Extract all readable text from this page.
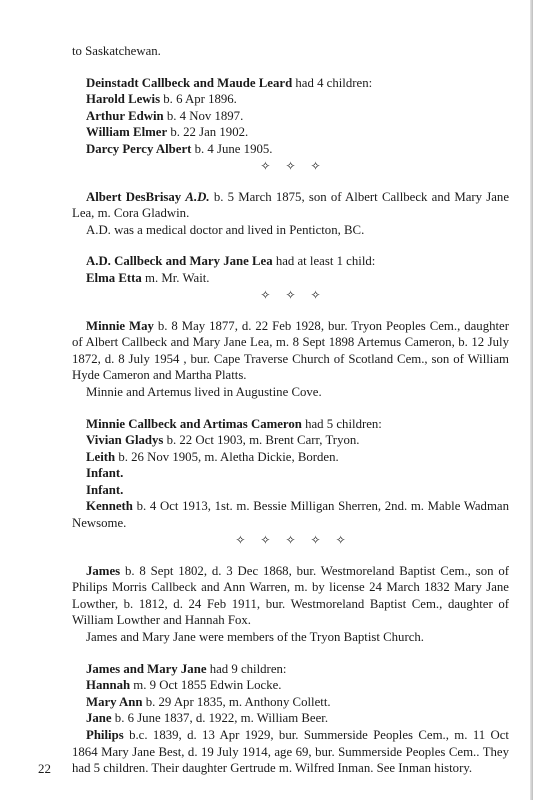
to Saskatchewan.

Deinstadt Callbeck and Maude Leard had 4 children:

Harold Lewis b. 6 Apr 1896.

Arthur Edwin b. 4 Nov 1897.

William Elmer b. 22 Jan 1902.

Darcy Percy Albert b. 4 June 1905.

✧ ✧ ✧

Albert DesBrisay A.D. b. 5 March 1875, son of Albert Callbeck and Mary Jane Lea, m. Cora Gladwin.

A.D. was a medical doctor and lived in Penticton, BC.

A.D. Callbeck and Mary Jane Lea had at least 1 child:

Elma Etta m. Mr. Wait.

✧ ✧ ✧

Minnie May b. 8 May 1877, d. 22 Feb 1928, bur. Tryon Peoples Cem., daughter of Albert Callbeck and Mary Jane Lea, m. 8 Sept 1898 Artemus Cameron, b. 12 July 1872, d. 8 July 1954 , bur. Cape Traverse Church of Scotland Cem., son of William Hyde Cameron and Martha Platts.

Minnie and Artemus lived in Augustine Cove.

Minnie Callbeck and Artimas Cameron had 5 children:

Vivian Gladys b. 22 Oct 1903, m. Brent Carr, Tryon.

Leith b. 26 Nov 1905, m. Aletha Dickie, Borden.

Infant.

Infant.

Kenneth b. 4 Oct 1913, 1st. m. Bessie Milligan Sherren, 2nd. m. Mable Wadman Newsome.

✧ ✧ ✧ ✧ ✧

James b. 8 Sept 1802, d. 3 Dec 1868, bur. Westmoreland Baptist Cem., son of Philips Morris Callbeck and Ann Warren, m. by license 24 March 1832 Mary Jane Lowther, b. 1812, d. 24 Feb 1911, bur. Westmoreland Baptist Cem., daughter of William Lowther and Hannah Fox.

James and Mary Jane were members of the Tryon Baptist Church.

James and Mary Jane had 9 children:

Hannah m. 9 Oct 1855 Edwin Locke.

Mary Ann b. 29 Apr 1835, m. Anthony Collett.

Jane b. 6 June 1837, d. 1922, m. William Beer.

Philips b.c. 1839, d. 13 Apr 1929, bur. Summerside Peoples Cem., m. 11 Oct 1864 Mary Jane Best, d. 19 July 1914, age 69, bur. Summerside Peoples Cem.. They had 5 children. Their daughter Gertrude m. Wilfred Inman. See Inman history.

22
